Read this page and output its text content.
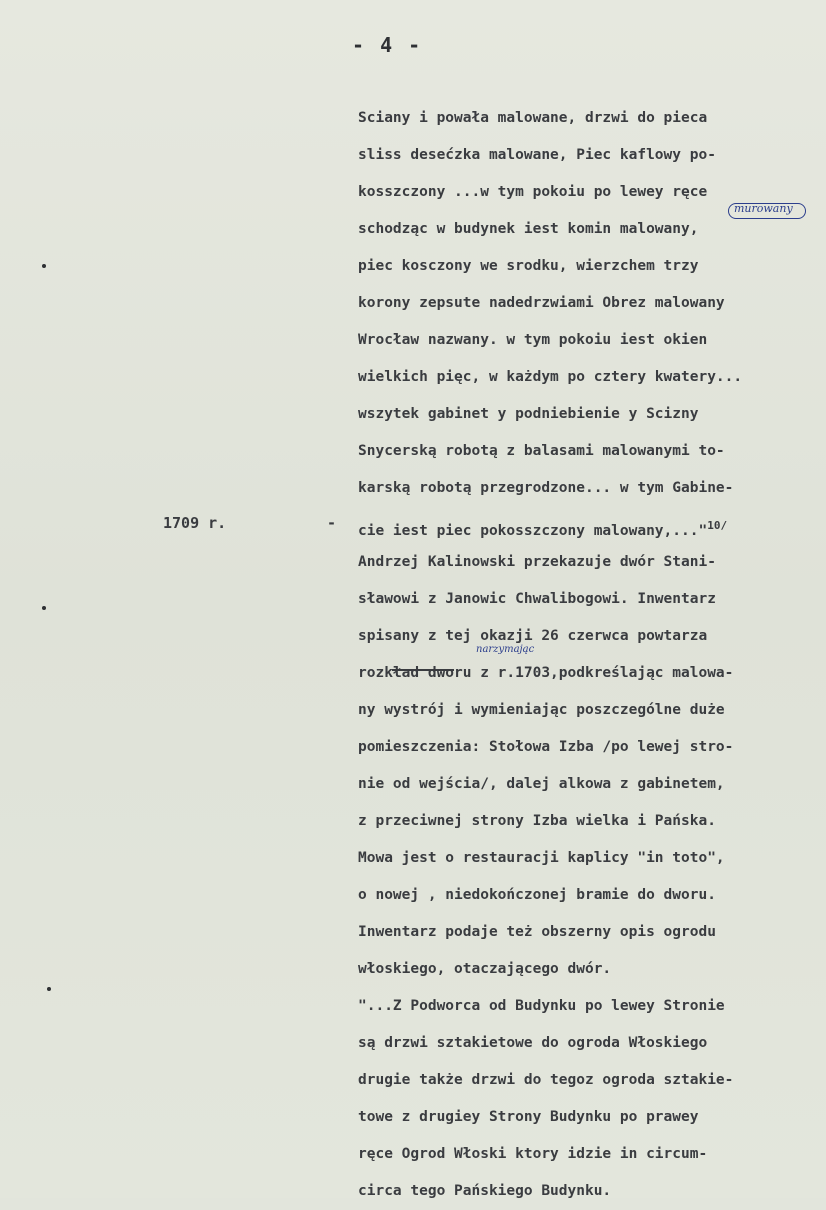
- 4 -
1709 r.	-
murowany
narzymając
Sciany i powała malowane, drzwi do pieca
sliss desećzka malowane, Piec kaflowy po-
kosszczony ...w tym pokoiu po lewey ręce
schodząc w budynek iest komin malowany,
piec kosczony we srodku, wierzchem trzy
korony zepsute nadedrzwiami Obrez malowany
Wrocław nazwany. w tym pokoiu iest okien
wielkich pięc, w każdym po cztery kwatery...
wszytek gabinet y podniebienie y Scizny
Snycerską robotą z balasami malowanymi to-
karską robotą przegrodzone... w tym Gabine-
cie iest piec pokosszczony malowany,..."$^{10/}$
Andrzej Kalinowski przekazuje dwór Stani-
sławowi z Janowic Chwalibogowi. Inwentarz
spisany z tej okazji 26 czerwca powtarza
rozkład dworu z r.1703,podkreślając malowa-
ny wystrój i wymieniając poszczególne duże
pomieszczenia: Stołowa Izba /po lewej stro-
nie od wejścia/, dalej alkowa z gabinetem,
z przeciwnej strony Izba wielka i Pańska.
Mowa jest o restauracji kaplicy "in toto",
o nowej , niedokończonej bramie do dworu.
Inwentarz podaje też obszerny opis ogrodu
włoskiego, otaczającego dwór.
"...Z Podworca od Budynku po lewey Stronie
są drzwi sztakietowe do ogroda Włoskiego
drugie także drzwi do tegoz ogroda sztakie-
towe z drugiey Strony Budynku po prawey
ręce Ogrod Włoski ktory idzie in circum-
circa tego Pańskiego Budynku.
